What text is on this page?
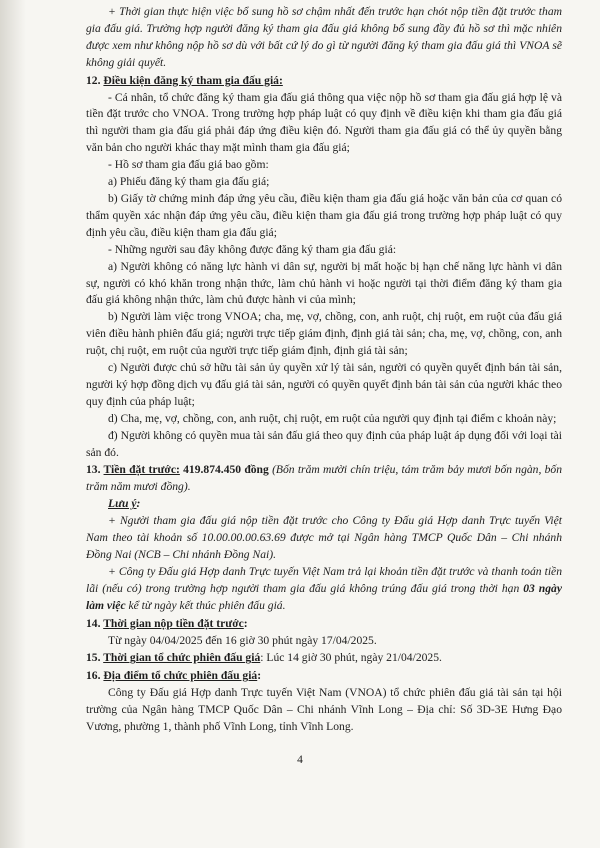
+ Thời gian thực hiện việc bổ sung hồ sơ chậm nhất đến trước hạn chót nộp tiền đặt trước tham gia đấu giá. Trường hợp người đăng ký tham gia đấu giá không bổ sung đầy đủ hồ sơ thì mặc nhiên được xem như không nộp hồ sơ dù với bất cứ lý do gì từ người đăng ký tham gia đấu giá thì VNOA sẽ không giải quyết.

12. Điều kiện đăng ký tham gia đấu giá:

- Cá nhân, tổ chức đăng ký tham gia đấu giá thông qua việc nộp hồ sơ tham gia đấu giá hợp lệ và tiền đặt trước cho VNOA. Trong trường hợp pháp luật có quy định về điều kiện khi tham gia đấu giá thì người tham gia đấu giá phải đáp ứng điều kiện đó. Người tham gia đấu giá có thể ủy quyền bằng văn bản cho người khác thay mặt mình tham gia đấu giá;

- Hồ sơ tham gia đấu giá bao gồm:

a) Phiếu đăng ký tham gia đấu giá;

b) Giấy tờ chứng minh đáp ứng yêu cầu, điều kiện tham gia đấu giá hoặc văn bản của cơ quan có thẩm quyền xác nhận đáp ứng yêu cầu, điều kiện tham gia đấu giá trong trường hợp pháp luật có quy định yêu cầu, điều kiện tham gia đấu giá;

- Những người sau đây không được đăng ký tham gia đấu giá:

a) Người không có năng lực hành vi dân sự, người bị mất hoặc bị hạn chế năng lực hành vi dân sự, người có khó khăn trong nhận thức, làm chủ hành vi hoặc người tại thời điểm đăng ký tham gia đấu giá không nhận thức, làm chủ được hành vi của mình;

b) Người làm việc trong VNOA; cha, mẹ, vợ, chồng, con, anh ruột, chị ruột, em ruột của đấu giá viên điều hành phiên đấu giá; người trực tiếp giám định, định giá tài sản; cha, mẹ, vợ, chồng, con, anh ruột, chị ruột, em ruột của người trực tiếp giám định, định giá tài sản;

c) Người được chủ sở hữu tài sản ủy quyền xử lý tài sản, người có quyền quyết định bán tài sản, người ký hợp đồng dịch vụ đấu giá tài sản, người có quyền quyết định bán tài sản của người khác theo quy định của pháp luật;

d) Cha, mẹ, vợ, chồng, con, anh ruột, chị ruột, em ruột của người quy định tại điểm c khoản này;

đ) Người không có quyền mua tài sản đấu giá theo quy định của pháp luật áp dụng đối với loại tài sản đó.

13. Tiền đặt trước: 419.874.450 đồng (Bốn trăm mười chín triệu, tám trăm bảy mươi bốn ngàn, bốn trăm năm mươi đồng).

Lưu ý:

+ Người tham gia đấu giá nộp tiền đặt trước cho Công ty Đấu giá Hợp danh Trực tuyến Việt Nam theo tài khoản số 10.00.00.00.63.69 được mở tại Ngân hàng TMCP Quốc Dân – Chi nhánh Đồng Nai (NCB – Chi nhánh Đồng Nai).

+ Công ty Đấu giá Hợp danh Trực tuyến Việt Nam trả lại khoản tiền đặt trước và thanh toán tiền lãi (nếu có) trong trường hợp người tham gia đấu giá không trúng đấu giá trong thời hạn 03 ngày làm việc kể từ ngày kết thúc phiên đấu giá.

14. Thời gian nộp tiền đặt trước:

Từ ngày 04/04/2025 đến 16 giờ 30 phút ngày 17/04/2025.

15. Thời gian tổ chức phiên đấu giá: Lúc 14 giờ 30 phút, ngày 21/04/2025.

16. Địa điểm tổ chức phiên đấu giá:

Công ty Đấu giá Hợp danh Trực tuyến Việt Nam (VNOA) tổ chức phiên đấu giá tài sản tại hội trường của Ngân hàng TMCP Quốc Dân – Chi nhánh Vĩnh Long – Địa chỉ: Số 3D-3E Hưng Đạo Vương, phường 1, thành phố Vĩnh Long, tỉnh Vĩnh Long.

4
